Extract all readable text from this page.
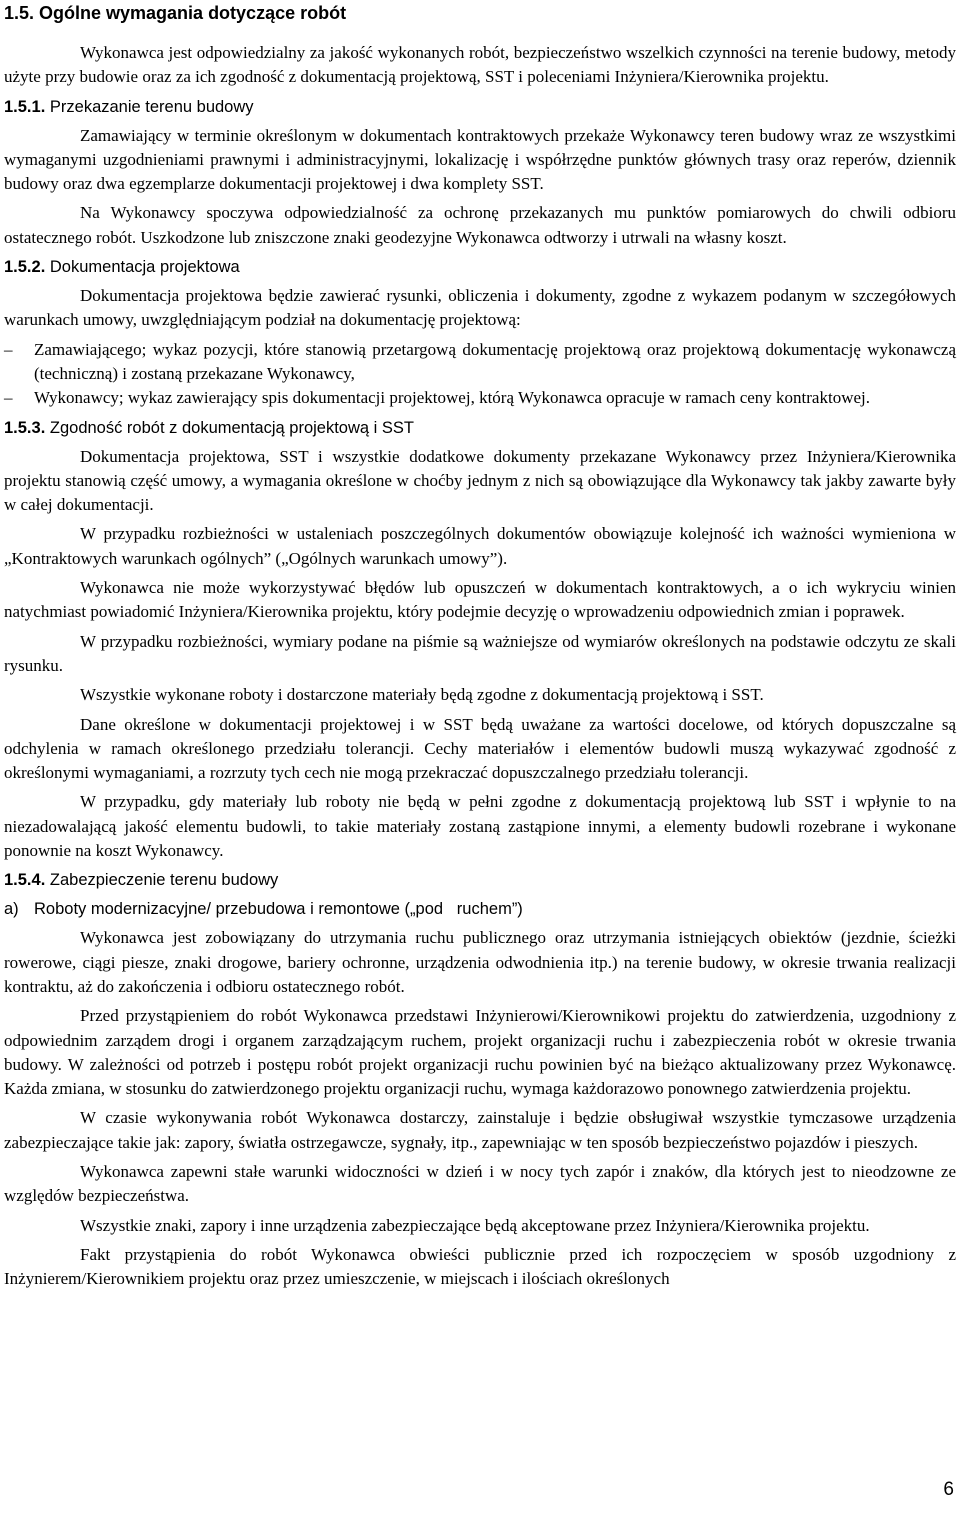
1.5. Ogólne wymagania dotyczące robót

Wykonawca jest odpowiedzialny za jakość wykonanych robót, bezpieczeństwo wszelkich czynności na terenie budowy, metody użyte przy budowie oraz za ich zgodność z dokumentacją projektową, SST i poleceniami Inżyniera/Kierownika projektu.

1.5.1. Przekazanie terenu budowy

Zamawiający w terminie określonym w dokumentach kontraktowych przekaże Wykonawcy teren budowy wraz ze wszystkimi wymaganymi uzgodnieniami prawnymi i administracyjnymi, lokalizację i współrzędne punktów głównych trasy oraz reperów, dziennik budowy oraz dwa egzemplarze dokumentacji projektowej i dwa komplety SST.

Na Wykonawcy spoczywa odpowiedzialność za ochronę przekazanych mu punktów pomiarowych do chwili odbioru ostatecznego robót. Uszkodzone lub zniszczone znaki geodezyjne Wykonawca odtworzy i utrwali na własny koszt.

1.5.2. Dokumentacja projektowa

Dokumentacja projektowa będzie zawierać rysunki, obliczenia i dokumenty, zgodne z wykazem podanym w szczegółowych warunkach umowy, uwzględniającym podział na dokumentację projektową:

–	Zamawiającego; wykaz pozycji, które stanowią przetargową dokumentację projektową oraz projektową dokumentację wykonawczą (techniczną) i zostaną przekazane Wykonawcy,
–	Wykonawcy; wykaz zawierający spis dokumentacji projektowej, którą Wykonawca opracuje w ramach ceny kontraktowej.
1.5.3. Zgodność robót z dokumentacją projektową i SST

Dokumentacja projektowa, SST i wszystkie dodatkowe dokumenty przekazane Wykonawcy przez Inżyniera/Kierownika projektu stanowią część umowy, a wymagania określone w choćby jednym z nich są obowiązujące dla Wykonawcy tak jakby zawarte były w całej dokumentacji.

W przypadku rozbieżności w ustaleniach poszczególnych dokumentów obowiązuje kolejność ich ważności wymieniona w „Kontraktowych warunkach ogólnych” („Ogólnych warunkach umowy”).

Wykonawca nie może wykorzystywać błędów lub opuszczeń w dokumentach kontraktowych, a o ich wykryciu winien natychmiast powiadomić Inżyniera/Kierownika projektu, który podejmie decyzję o wprowadzeniu odpowiednich zmian i poprawek.

W przypadku rozbieżności, wymiary podane na piśmie są ważniejsze od wymiarów określonych na podstawie odczytu ze skali rysunku.

Wszystkie wykonane roboty i dostarczone materiały będą zgodne z dokumentacją projektową i SST.

Dane określone w dokumentacji projektowej i w SST będą uważane za wartości docelowe, od których dopuszczalne są odchylenia w ramach określonego przedziału tolerancji. Cechy materiałów i elementów budowli muszą wykazywać zgodność z określonymi wymaganiami, a rozrzuty tych cech nie mogą przekraczać dopuszczalnego przedziału tolerancji.

W przypadku, gdy materiały lub roboty nie będą w pełni zgodne z dokumentacją projektową lub SST i wpłynie to na niezadowalającą jakość elementu budowli, to takie materiały zostaną zastąpione innymi, a elementy budowli rozebrane i wykonane ponownie na koszt Wykonawcy.

1.5.4. Zabezpieczenie terenu budowy
a) Roboty modernizacyjne/ przebudowa i remontowe („pod   ruchem”)

Wykonawca jest zobowiązany do utrzymania ruchu publicznego oraz utrzymania istniejących obiektów (jezdnie, ścieżki rowerowe, ciągi piesze, znaki drogowe, bariery ochronne, urządzenia odwodnienia itp.) na terenie budowy, w okresie trwania realizacji kontraktu, aż do zakończenia i odbioru ostatecznego robót.

Przed przystąpieniem do robót Wykonawca przedstawi Inżynierowi/Kierownikowi projektu do zatwierdzenia, uzgodniony z odpowiednim zarządem drogi i organem zarządzającym ruchem, projekt organizacji ruchu i zabezpieczenia robót w okresie trwania budowy. W zależności od potrzeb i postępu robót projekt organizacji ruchu powinien być na bieżąco aktualizowany przez Wykonawcę. Każda zmiana, w stosunku do zatwierdzonego projektu organizacji ruchu, wymaga każdorazowo ponownego zatwierdzenia projektu.

W czasie wykonywania robót Wykonawca dostarczy, zainstaluje i będzie obsługiwał wszystkie tymczasowe urządzenia zabezpieczające takie jak: zapory, światła ostrzegawcze, sygnały, itp., zapewniając w ten sposób bezpieczeństwo pojazdów i pieszych.

Wykonawca zapewni stałe warunki widoczności w dzień i w nocy tych zapór i znaków, dla których jest to nieodzowne ze względów bezpieczeństwa.

Wszystkie znaki, zapory i inne urządzenia zabezpieczające będą akceptowane przez Inżyniera/Kierownika projektu.

Fakt przystąpienia do robót Wykonawca obwieści publicznie przed ich rozpoczęciem w sposób uzgodniony z Inżynierem/Kierownikiem projektu oraz przez umieszczenie, w miejscach i ilościach określonych

6
